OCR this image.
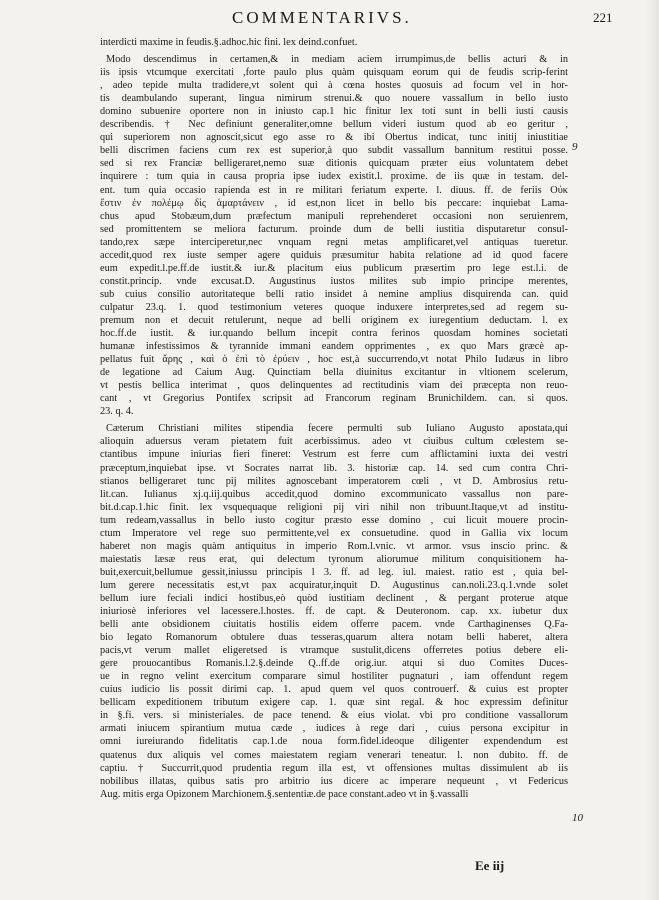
COMMENTARIVS.	221
interdicti maxime in feudis.§.adhoc.hic fini. lex deind.confuet.
Modo descendimus in certamen,& in mediam aciem irrumpimus,de bellis acturi & in
iis ipsis vtcumque exercitati ,forte paulo plus quàm quisquam eorum qui de feudis scrip-ferint
, adeo tepide multa tradidere,vt solent qui à cœna hostes quosuis ad focum vel in hor-
tis deambulando superant, lingua nimirum strenui.& quo nouere vassallum in bello iusto
domino subuenire oportere non in iniusto cap.1 hic finitur lex toti sunt in belli iusti causis
describendis. † Nec definiunt generaliter,omne bellum videri iustum quod ab eo geritur ,
qui superiorem non agnoscit,sicut ego asse ro & ibi Obertus indicat, tunc initij iniustitiae
belli discrimen faciens cum rex est superior,à quo subdit vassallum bannitum restitui posse.
sed si rex Franciæ belligeraret,nemo suæ ditionis quicquam præter eius voluntatem debet
inquirere : tum quia in causa propria ipse iudex existit.l. proxime. de iis quæ in testam. del-
ent. tum quia occasio rapienda est in re militari feriatum experte. l. diuus. ff. de feriis Οὐκ
ἔστιν ἐν πολέμῳ δὶς ἁμαρτάνειν , id est,non licet in bello bis peccare: inquiebat Lama-
chus apud Stobæum,dum præfectum manipuli reprehenderet occasioni non seruienrem,
sed promittentem se meliora facturum. proinde dum de belli iustitia disputaretur consul-
tando,rex sæpe interciperetur,nec vnquam regni metas amplificaret,vel antiquas tueretur.
accedit,quod rex iuste semper agere quiduis præsumitur habita relatione ad id quod facere
eum expedit.l.pe.ff.de iustit.& iur.& placitum eius publicum præsertim pro lege est.l.i. de
constit.princip. vnde excusat.D. Augustinus iustos milites sub impio principe merentes,
sub cuius consilio autoritateque belli ratio insidet à nemine amplius disquirenda can. quid
culpatur 23.q. 1. quod testimonium veteres quoque induxere interpretes,sed ad regem su-
premum non et decuit retulerunt, neque ad belli originem ex iuregentium deductam. l. ex
hoc.ff.de iustit. & iur.quando bellum incepit contra ferinos quosdam homines societati
humanæ infestissimos & tyrannide immani eandem opprimentes , ex quo Mars græcè ap-
pellatus fuit ἄρης , καὶ ὁ ἐπὶ τὸ ἐρύειν , hoc est,à succurrendo,vt notat Philo Iudæus in libro
de legatione ad Caium Aug. Quinctiam bella diuinitus excitantur in vltionem scelerum,
vt pestis bellica interimat , quos delinquentes ad rectitudinis viam dei præcepta non reuo-
cant , vt Gregorius Pontifex scripsit ad Francorum reginam Brunichildem. can. si quos.
23. q. 4.
Cæterum Christiani milites stipendia fecere permulti sub Iuliano Augusto apostata,qui
alioquin aduersus veram pietatem fuit acerbissimus. adeo vt ciuibus cultum cœlestem se-
ctantibus impune iniurias fieri fineret: Vestrum est ferre cum afflictamini iuxta dei vestri
præceptum,inquiebat ipse. vt Socrates narrat lib. 3. historiæ cap. 14. sed cum contra Chri-
stianos belligeraret tunc pij milites agnoscebant imperatorem cœli , vt D. Ambrosius retu-
lit.can. Iulianus xj.q.iij.quibus accedit,quod domino excommunicato vassallus non pare-
bit.d.cap.1.hic finit. lex vsquequaque religioni pij viri nihil non tribuunt.Itaque,vt ad institu-
tum redeam,vassallus in bello iusto cogitur præsto esse domino , cui licuit mouere procin-
ctum Imperatore vel rege suo permittente,vel ex consuetudine. quod in Gallia vix locum
haberet non magis quàm antiquitus in imperio Rom.l.vnic. vt armor. vsus inscio princ. &
maiestatis læsæ reus erat, qui delectum tyronum aliorumue militum conquisitionem ha-
buit,exercuit,bellumue gessit,iniussu principis l 3. ff. ad leg. iul. maiest. ratio est , quia bel-
lum gerere necessitatis est,vt pax acquiratur,inquit D. Augustinus can.noli.23.q.1.vnde solet
bellum iure feciali indici hostibus,eò quòd iustitiam declinent , & pergant proterue atque
iniuriosè inferiores vel lacessere.l.hostes. ff. de capt. & Deuteronom. cap. xx. iubetur dux
belli ante obsidionem ciuitatis hostilis eidem offerre pacem. vnde Carthaginenses Q.Fa-
bio legato Romanorum obtulere duas tesseras,quarum altera notam belli haberet, altera
pacis,vt verum mallet eligeretsed is vtramque sustulit,dicens offerretes potius debere eli-
gere prouocantibus Romanis.l.2.§.deinde Q..ff.de orig.iur. atqui si duo Comites Duces-
ue in regno velint exercitum comparare simul hostiliter pugnaturi , iam offendunt regem
cuius iudicio lis possit dirimi cap. 1. apud quem vel quos controuerf. & cuius est propter
bellicam expeditionem tributum exigere cap. 1. quæ sint regal. & hoc expressim definitur
in §.fi. vers. si ministeriales. de pace tenend. & eius violat. vbi pro conditione vassallorum
armati iniucem spirantium mutua cæde , iudices à rege dari , cuius persona excipitur in
omni iureiurando fidelitatis cap.1.de noua form.fidel.ideoque diligenter expendendum est
quatenus dux aliquis vel comes maiestatem regiam venerari teneatur. l. non dubito. ff. de
captiu. † Succurrit,quod prudentia regum illa est, vt offensiones multas dissimulent ab iis
nobilibus illatas, quibus satis pro arbitrio ius dicere ac imperare nequeunt , vt Federicus
Aug. mitis erga Opizonem Marchionem.§.sententiæ.de pace constant.adeo vt in §.vassalli
9
10
Ee iij
